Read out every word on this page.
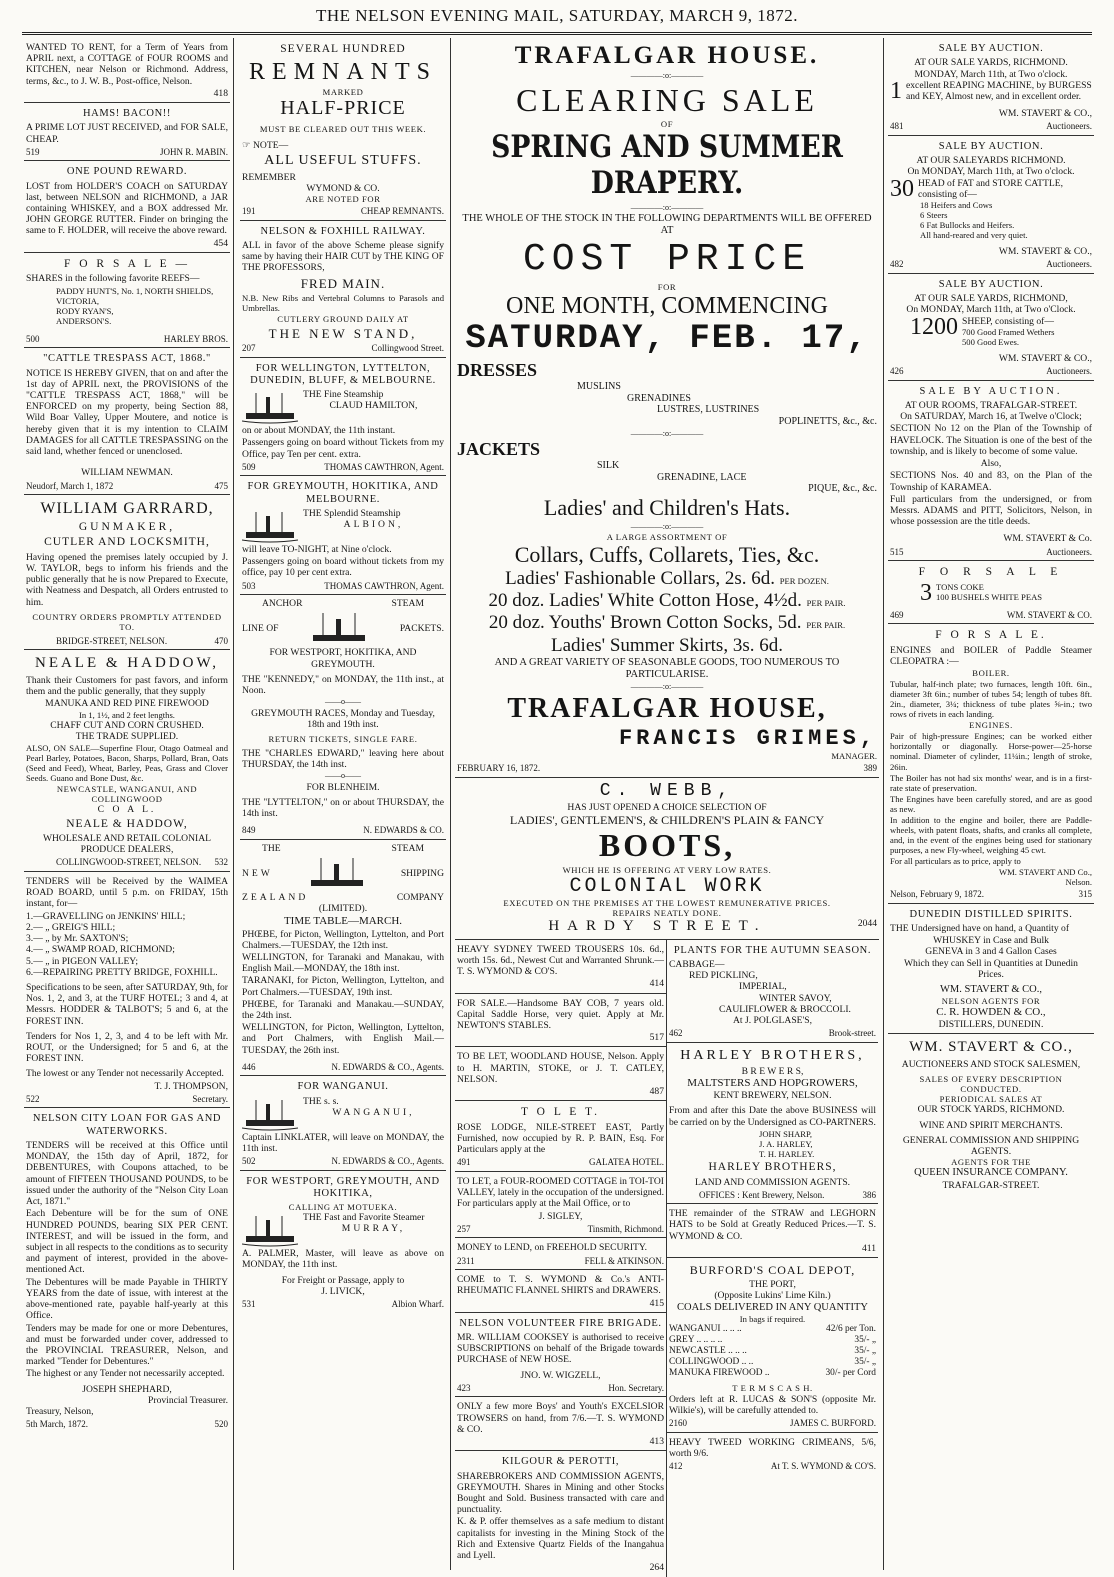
THE NELSON EVENING MAIL, SATURDAY, MARCH 9, 1872.
WANTED TO RENT, for a Term of Years from APRIL next, a COTTAGE of FOUR ROOMS and KITCHEN, near Nelson or Richmond. Address, terms, &c., to J. W. B., Post-office, Nelson.
418
HAMS! BACON!!
A PRIME LOT JUST RECEIVED, and FOR SALE, CHEAP.
519	JOHN R. MABIN.
ONE POUND REWARD.
LOST from HOLDER'S COACH on SATURDAY last, between NELSON and RICHMOND, a JAR containing WHISKEY, and a BOX addressed Mr. JOHN GEORGE RUTTER. Finder on bringing the same to F. HOLDER, will receive the above reward.
454
F O R S A L E —
SHARES in the following favorite REEFS—
PADDY HUNT'S, No. 1, NORTH SHIELDS,
VICTORIA,
RODY RYAN'S,
ANDERSON'S.
500	HARLEY BROS.
"CATTLE TRESPASS ACT, 1868."
NOTICE IS HEREBY GIVEN, that on and after the 1st day of APRIL next, the PROVISIONS of the "CATTLE TRESPASS ACT, 1868," will be ENFORCED on my property, being Section 88, Wild Boar Valley, Upper Moutere, and notice is hereby given that it is my intention to CLAIM DAMAGES for all CATTLE TRESPASSING on the said land, whether fenced or unenclosed.
WILLIAM NEWMAN.
Neudorf, March 1, 1872	475
WILLIAM GARRARD,
GUNMAKER,
CUTLER AND LOCKSMITH,
Having opened the premises lately occupied by J. W. TAYLOR, begs to inform his friends and the public generally that he is now Prepared to Execute, with Neatness and Despatch, all Orders entrusted to him.
COUNTRY ORDERS PROMPTLY ATTENDED TO.
BRIDGE-STREET, NELSON.	470
NEALE & HADDOW,
Thank their Customers for past favors, and inform them and the public generally, that they supply
MANUKA AND RED PINE FIREWOOD
In 1, 1½, and 2 feet lengths.
CHAFF CUT AND CORN CRUSHED.
THE TRADE SUPPLIED.
ALSO, ON SALE—Superfine Flour, Otago Oatmeal and Pearl Barley, Potatoes, Bacon, Sharps, Pollard, Bran, Oats (Seed and Feed), Wheat, Barley, Peas, Grass and Clover Seeds. Guano and Bone Dust, &c.
NEWCASTLE, WANGANUI, AND COLLINGWOOD
C O A L.
NEALE & HADDOW,
WHOLESALE AND RETAIL COLONIAL PRODUCE DEALERS,
COLLINGWOOD-STREET, NELSON. 532
TENDERS will be Received by the WAIMEA ROAD BOARD, until 5 p.m. on FRIDAY, 15th instant, for—
1.—GRAVELLING on JENKINS' HILL;
2.— „ GREIG'S HILL;
3.— „ by Mr. SAXTON'S;
4.— „ SWAMP ROAD, RICHMOND;
5.— „ in PIGEON VALLEY;
6.—REPAIRING PRETTY BRIDGE, FOXHILL.
Specifications to be seen, after SATURDAY, 9th, for Nos. 1, 2, and 3, at the TURF HOTEL; 3 and 4, at Messrs. HODDER & TALBOT'S; 5 and 6, at the FOREST INN.
Tenders for Nos 1, 2, 3, and 4 to be left with Mr. ROUT, or the Undersigned; for 5 and 6, at the FOREST INN.
The lowest or any Tender not necessarily Accepted.
T. J. THOMPSON,
522	Secretary.
NELSON CITY LOAN FOR GAS AND WATERWORKS.
TENDERS will be received at this Office until MONDAY, the 15th day of April, 1872, for DEBENTURES, with Coupons attached, to be amount of FIFTEEN THOUSAND POUNDS, to be issued under the authority of the "Nelson City Loan Act, 1871."
Each Debenture will be for the sum of ONE HUNDRED POUNDS, bearing SIX PER CENT. INTEREST, and will be issued in the form, and subject in all respects to the conditions as to security and payment of interest, provided in the above-mentioned Act.
The Debentures will be made Payable in THIRTY YEARS from the date of issue, with interest at the above-mentioned rate, payable half-yearly at this Office.
Tenders may be made for one or more Debentures, and must be forwarded under cover, addressed to the PROVINCIAL TREASURER, Nelson, and marked "Tender for Debentures."
The highest or any Tender not necessarily accepted.
JOSEPH SHEPHARD,
Provincial Treasurer.
Treasury, Nelson,
5th March, 1872.	520
SEVERAL HUNDRED
REMNANTS
MARKED
HALF-PRICE
MUST BE CLEARED OUT THIS WEEK.
☞ NOTE—
ALL USEFUL STUFFS.
REMEMBER
WYMOND & CO.
ARE NOTED FOR
191	CHEAP REMNANTS.
NELSON & FOXHILL RAILWAY.
ALL in favor of the above Scheme please signify same by having their HAIR CUT by THE KING OF THE PROFESSORS,
FRED MAIN.
N.B. New Ribs and Vertebral Columns to Parasols and Umbrellas.
CUTLERY GROUND DAILY AT
THE NEW STAND,
207	Collingwood Street.
FOR WELLINGTON, LYTTELTON, DUNEDIN, BLUFF, & MELBOURNE.
THE Fine Steamship
CLAUD HAMILTON,
on or about MONDAY, the 11th instant.
Passengers going on board without Tickets from my Office, pay Ten per cent. extra.
509	THOMAS CAWTHRON, Agent.
FOR GREYMOUTH, HOKITIKA, AND MELBOURNE.
THE Splendid Steamship
ALBION,
will leave TO-NIGHT, at Nine o'clock.
Passengers going on board without tickets from my office, pay 10 per cent extra.
503	THOMAS CAWTHRON, Agent.
ANCHOR	STEAM
LINE OF	PACKETS.
FOR WESTPORT, HOKITIKA, AND GREYMOUTH.
THE "KENNEDY," on MONDAY, the 11th inst., at Noon.
——o——
GREYMOUTH RACES, Monday and Tuesday, 18th and 19th inst.
RETURN TICKETS, SINGLE FARE.
THE "CHARLES EDWARD," leaving here about THURSDAY, the 14th inst.
——o——
FOR BLENHEIM.
THE "LYTTELTON," on or about THURSDAY, the 14th inst.
849	N. EDWARDS & CO.
THE	STEAM
NEW	SHIPPING
ZEALAND	COMPANY
(LIMITED).
TIME TABLE—MARCH.
PHŒBE, for Picton, Wellington, Lyttelton, and Port Chalmers.—TUESDAY, the 12th inst.
WELLINGTON, for Taranaki and Manakau, with English Mail.—MONDAY, the 18th inst.
TARANAKI, for Picton, Wellington, Lyttelton, and Port Chalmers.—TUESDAY, 19th inst.
PHŒBE, for Taranaki and Manakau.—SUNDAY, the 24th inst.
WELLINGTON, for Picton, Wellington, Lyttelton, and Port Chalmers, with English Mail.—TUESDAY, the 26th inst.
446	N. EDWARDS & CO., Agents.
FOR WANGANUI.
THE s. s.
WANGANUI,
Captain LINKLATER, will leave on MONDAY, the 11th inst.
502	N. EDWARDS & CO., Agents.
FOR WESTPORT, GREYMOUTH, AND HOKITIKA,
CALLING AT MOTUEKA.
THE Fast and Favorite Steamer
MURRAY,
A. PALMER, Master, will leave as above on MONDAY, the 11th inst.
For Freight or Passage, apply to
J. LIVICK,
531	Albion Wharf.
TRAFALGAR HOUSE.
————:o:————
CLEARING SALE
OF
SPRING AND SUMMER DRAPERY.
————:o:————
THE WHOLE OF THE STOCK IN THE FOLLOWING DEPARTMENTS WILL BE OFFERED AT
COST PRICE
FOR
ONE MONTH, COMMENCING
SATURDAY, FEB. 17,
DRESSES
MUSLINS
GRENADINES
LUSTRES, LUSTRINES
POPLINETTS, &c., &c.
————:o:————
JACKETS
SILK
GRENADINE, LACE
PIQUE, &c., &c.
Ladies' and Children's Hats.
————:o:————
A LARGE ASSORTMENT OF
Collars, Cuffs, Collarets, Ties, &c.
Ladies' Fashionable Collars, 2s. 6d. PER DOZEN.
20 doz. Ladies' White Cotton Hose, 4½d. PER PAIR.
20 doz. Youths' Brown Cotton Socks, 5d. PER PAIR.
Ladies' Summer Skirts, 3s. 6d.
AND A GREAT VARIETY OF SEASONABLE GOODS, TOO NUMEROUS TO PARTICULARISE.
————:o:————
TRAFALGAR HOUSE,
FRANCIS GRIMES,
MANAGER.
FEBRUARY 16, 1872.	389
C. WEBB,
HAS JUST OPENED A CHOICE SELECTION OF
LADIES', GENTLEMEN'S, & CHILDREN'S PLAIN & FANCY
BOOTS,
WHICH HE IS OFFERING AT VERY LOW RATES.
COLONIAL WORK
EXECUTED ON THE PREMISES AT THE LOWEST REMUNERATIVE PRICES.
REPAIRS NEATLY DONE.
HARDY STREET.	2044
HEAVY SYDNEY TWEED TROUSERS 10s. 6d., worth 15s. 6d., Newest Cut and Warranted Shrunk.—T. S. WYMOND & CO'S.
414
FOR SALE.—Handsome BAY COB, 7 years old. Capital Saddle Horse, very quiet. Apply at Mr. NEWTON'S STABLES.
517
TO BE LET, WOODLAND HOUSE, Nelson. Apply to H. MARTIN, STOKE, or J. T. CATLEY, NELSON.
487
T O L E T.
ROSE LODGE, NILE-STREET EAST, Partly Furnished, now occupied by R. P. BAIN, Esq. For Particulars apply at the
491	GALATEA HOTEL.
TO LET, a FOUR-ROOMED COTTAGE in TOI-TOI VALLEY, lately in the occupation of the undersigned. For particulars apply at the Mail Office, or to
J. SIGLEY,
257	Tinsmith, Richmond.
MONEY to LEND, on FREEHOLD SECURITY.
2311	FELL & ATKINSON.
COME to T. S. WYMOND & Co.'s ANTI-RHEUMATIC FLANNEL SHIRTS and DRAWERS.
415
NELSON VOLUNTEER FIRE BRIGADE.
MR. WILLIAM COOKSEY is authorised to receive SUBSCRIPTIONS on behalf of the Brigade towards PURCHASE of NEW HOSE.
JNO. W. WIGZELL,
423	Hon. Secretary.
ONLY a few more Boys' and Youth's EXCELSIOR TROWSERS on hand, from 7/6.—T. S. WYMOND & CO.
413
KILGOUR & PEROTTI,
SHAREBROKERS AND COMMISSION AGENTS, GREYMOUTH. Shares in Mining and other Stocks Bought and Sold. Business transacted with care and punctuality.
K. & P. offer themselves as a safe medium to distant capitalists for investing in the Mining Stock of the Rich and Extensive Quartz Fields of the Inangahua and Lyell.
264
PLANTS FOR THE AUTUMN SEASON.
CABBAGE—
RED PICKLING,
IMPERIAL,
WINTER SAVOY,
CAULIFLOWER & BROCCOLI.
At J. POLGLASE'S,
462	Brook-street.
HARLEY BROTHERS,
B R E W E R S,
MALTSTERS AND HOPGROWERS,
KENT BREWERY, NELSON.
From and after this Date the above BUSINESS will be carried on by the Undersigned as CO-PARTNERS.
JOHN SHARP,
J. A. HARLEY,
T. H. HARLEY.
HARLEY BROTHERS,
LAND AND COMMISSION AGENTS.
OFFICES : Kent Brewery, Nelson.	386
THE remainder of the STRAW and LEGHORN HATS to be Sold at Greatly Reduced Prices.—T. S. WYMOND & CO.
411
BURFORD'S COAL DEPOT,
THE PORT,
(Opposite Lukins' Lime Kiln.)
COALS DELIVERED IN ANY QUANTITY
In bags if required.
WANGANUI .. .. ..	42/6 per Ton.
GREY .. .. .. ..	35/- „
NEWCASTLE .. .. ..	35/- „
COLLINGWOOD .. ..	35/- „
MANUKA FIREWOOD ..	30/- per Cord
T E R M S C A S H.
Orders left at R. LUCAS & SON'S (opposite Mr. Wilkie's), will be carefully attended to.
2160	JAMES C. BURFORD.
HEAVY TWEED WORKING CRIMEANS, 5/6, worth 9/6.
412	At T. S. WYMOND & CO'S.
SALE BY AUCTION.
AT OUR SALE YARDS, RICHMOND.
MONDAY, March 11th, at Two o'clock.
1 excellent REAPING MACHINE, by BURGESS and KEY, Almost new, and in excellent order.
WM. STAVERT & CO.,
481	Auctioneers.
SALE BY AUCTION.
AT OUR SALEYARDS RICHMOND.
On MONDAY, March 11th, at Two o'clock.
30 HEAD of FAT and STORE CATTLE, consisting of—
18 Heifers and Cows
6 Steers
6 Fat Bullocks and Heifers.
All hand-reared and very quiet.
WM. STAVERT & CO.,
482	Auctioneers.
SALE BY AUCTION.
AT OUR SALE YARDS, RICHMOND,
On MONDAY, March 11th, at Two o'Clock.
1200 SHEEP, consisting of—
700 Good Framed Wethers
500 Good Ewes.
WM. STAVERT & CO.,
426	Auctioneers.
SALE BY AUCTION.
AT OUR ROOMS, TRAFALGAR-STREET.
On SATURDAY, March 16, at Twelve o'Clock;
SECTION No 12 on the Plan of the Township of HAVELOCK. The Situation is one of the best of the township, and is likely to become of some value.
Also,
SECTIONS Nos. 40 and 83, on the Plan of the Township of KARAMEA.
Full particulars from the undersigned, or from Messrs. ADAMS and PITT, Solicitors, Nelson, in whose possession are the title deeds.
WM. STAVERT & Co.
515	Auctioneers.
F O R S A L E
3 TONS COKE
100 BUSHELS WHITE PEAS
469	WM. STAVERT & CO.
F O R S A L E.
ENGINES and BOILER of Paddle Steamer CLEOPATRA :—
BOILER.
Tubular, half-inch plate; two furnaces, length 10ft. 6in., diameter 3ft 6in.; number of tubes 54; length of tubes 8ft. 2in., diameter, 3¼; thickness of tube plates ⅝-in.; two rows of rivets in each landing.
ENGINES.
Pair of high-pressure Engines; can be worked either horizontally or diagonally. Horse-power—25-horse nominal. Diameter of cylinder, 11¼in.; length of stroke, 26in.
The Boiler has not had six months' wear, and is in a first-rate state of preservation.
The Engines have been carefully stored, and are as good as new.
In addition to the engine and boiler, there are Paddle-wheels, with patent floats, shafts, and cranks all complete, and, in the event of the engines being used for stationary purposes, a new Fly-wheel, weighing 45 cwt.
For all particulars as to price, apply to
WM. STAVERT AND Co.,
Nelson.
Nelson, February 9, 1872.	315
DUNEDIN DISTILLED SPIRITS.
THE Undersigned have on hand, a Quantity of
WHUSKEY in Case and Bulk
GENEVA in 3 and 4 Gallon Cases
Which they can Sell in Quantities at Dunedin Prices.
WM. STAVERT & CO.,
NELSON AGENTS FOR
C. R. HOWDEN & CO.,
DISTILLERS, DUNEDIN.
WM. STAVERT & CO.,
AUCTIONEERS AND STOCK SALESMEN,
SALES OF EVERY DESCRIPTION CONDUCTED.
PERIODICAL SALES AT
OUR STOCK YARDS, RICHMOND.
WINE AND SPIRIT MERCHANTS.
GENERAL COMMISSION AND SHIPPING AGENTS.
AGENTS FOR THE
QUEEN INSURANCE COMPANY.
TRAFALGAR-STREET.
